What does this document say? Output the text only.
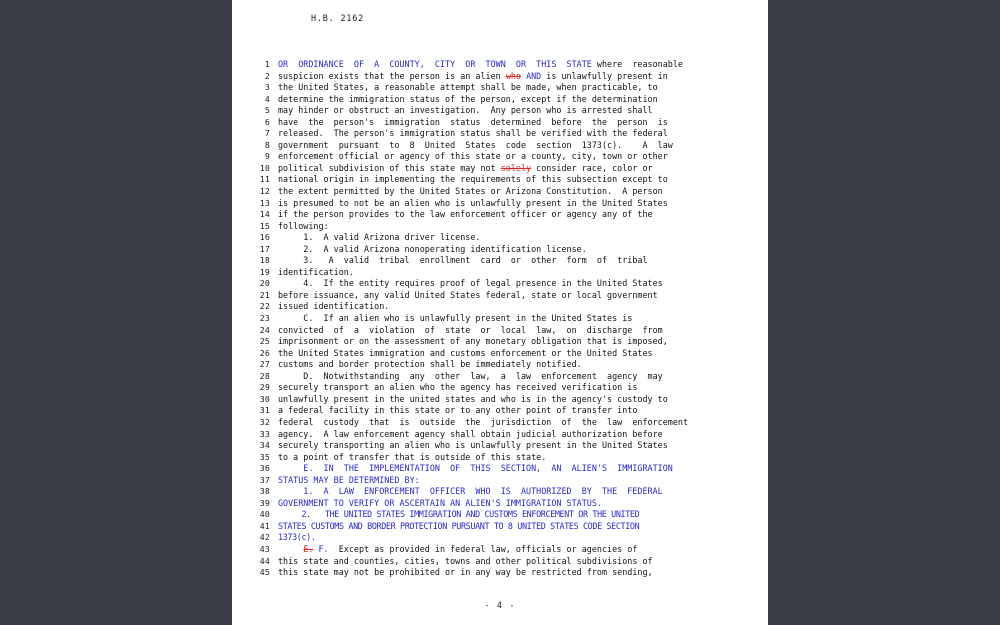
H.B. 2162
1 OR  ORDINANCE  OF  A  COUNTY,  CITY  OR  TOWN  OR  THIS  STATE where  reasonable
2 suspicion exists that the person is an alien who AND is unlawfully present in
3 the United States, a reasonable attempt shall be made, when practicable, to
4 determine the immigration status of the person, except if the determination
5 may hinder or obstruct an investigation.  Any person who is arrested shall
6 have  the  person's  immigration  status  determined  before  the  person  is
7 released.  The person's immigration status shall be verified with the federal
8 government  pursuant  to  8  United  States  code  section  1373(c).    A  law
9 enforcement official or agency of this state or a county, city, town or other
10 political subdivision of this state may not solely consider race, color or
11 national origin in implementing the requirements of this subsection except to
12 the extent permitted by the United States or Arizona Constitution.  A person
13 is presumed to not be an alien who is unlawfully present in the United States
14 if the person provides to the law enforcement officer or agency any of the
15 following:
16 1.  A valid Arizona driver license.
17 2.  A valid Arizona nonoperating identification license.
18 3.   A  valid  tribal  enrollment  card  or  other  form  of  tribal
19 identification.
20 4.  If the entity requires proof of legal presence in the United States
21 before issuance, any valid United States federal, state or local government
22 issued identification.
23 C.  If an alien who is unlawfully present in the United States is
24 convicted  of  a  violation  of  state  or  local  law,  on  discharge  from
25 imprisonment or on the assessment of any monetary obligation that is imposed,
26 the United States immigration and customs enforcement or the United States
27 customs and border protection shall be immediately notified.
28 D.  Notwithstanding  any  other  law,  a  law  enforcement  agency  may
29 securely transport an alien who the agency has received verification is
30 unlawfully present in the united states and who is in the agency's custody to
31 a federal facility in this state or to any other point of transfer into
32 federal  custody  that  is  outside  the  jurisdiction  of  the  law  enforcement
33 agency.  A law enforcement agency shall obtain judicial authorization before
34 securely transporting an alien who is unlawfully present in the United States
35 to a point of transfer that is outside of this state.
36 E.  IN  THE  IMPLEMENTATION  OF  THIS  SECTION,  AN  ALIEN'S  IMMIGRATION
37 STATUS MAY BE DETERMINED BY:
38 1.  A  LAW  ENFORCEMENT  OFFICER  WHO  IS  AUTHORIZED  BY  THE  FEDERAL
39 GOVERNMENT TO VERIFY OR ASCERTAIN AN ALIEN'S IMMIGRATION STATUS.
40 2.   THE UNITED STATES IMMIGRATION AND CUSTOMS ENFORCEMENT OR THE UNITED
41 STATES CUSTOMS AND BORDER PROTECTION PURSUANT TO 8 UNITED STATES CODE SECTION
42 1373(c).
43	E. F.  Except as provided in federal law, officials or agencies of
44 this state and counties, cities, towns and other political subdivisions of
45 this state may not be prohibited or in any way be restricted from sending,
- 4 -
